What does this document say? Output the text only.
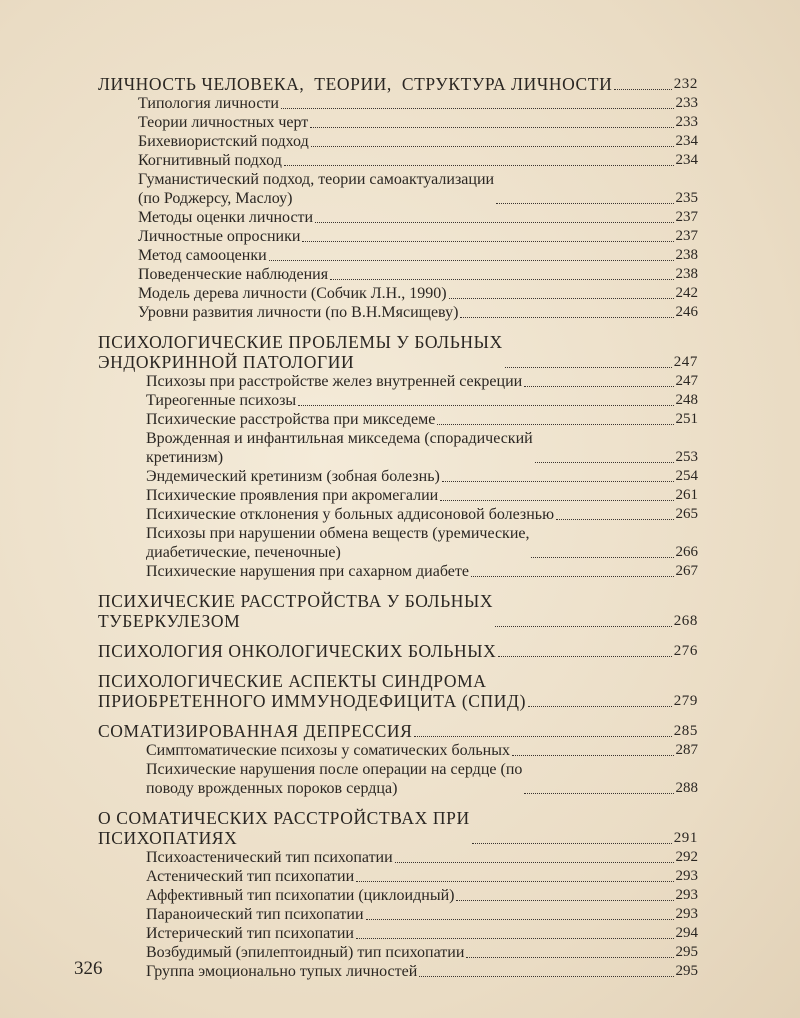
ЛИЧНОСТЬ ЧЕЛОВЕКА,  ТЕОРИИ,  СТРУКТУРА ЛИЧНОСТИ	232
Типология личности	233
Теории личностных черт	233
Бихевиористский подход	234
Когнитивный подход	234
Гуманистический подход, теории самоактуализации
(по Роджерсу, Маслоу)	235
Методы оценки личности	237
Личностные опросники	237
Метод самооценки	238
Поведенческие наблюдения	238
Модель дерева личности (Собчик Л.Н., 1990)	242
Уровни развития личности (по В.Н.Мясищеву)	246
ПСИХОЛОГИЧЕСКИЕ ПРОБЛЕМЫ У БОЛЬНЫХ
ЭНДОКРИННОЙ ПАТОЛОГИИ	247
Психозы при расстройстве желез внутренней секреции	247
Тиреогенные психозы	248
Психические расстройства при микседеме	251
Врожденная и инфантильная микседема (спорадический
кретинизм)	253
Эндемический кретинизм (зобная болезнь)	254
Психические проявления при акромегалии	261
Психические отклонения у больных аддисоновой болезнью	265
Психозы при нарушении обмена веществ (уремические,
диабетические, печеночные)	266
Психические нарушения при сахарном диабете	267
ПСИХИЧЕСКИЕ РАССТРОЙСТВА У БОЛЬНЫХ
ТУБЕРКУЛЕЗОМ	268
ПСИХОЛОГИЯ ОНКОЛОГИЧЕСКИХ БОЛЬНЫХ	276
ПСИХОЛОГИЧЕСКИЕ АСПЕКТЫ СИНДРОМА
ПРИОБРЕТЕННОГО ИММУНОДЕФИЦИТА (СПИД)	279
СОМАТИЗИРОВАННАЯ ДЕПРЕССИЯ	285
Симптоматические психозы у соматических больных	287
Психические нарушения после операции на сердце (по
поводу врожденных пороков сердца)	288
О СОМАТИЧЕСКИХ РАССТРОЙСТВАХ ПРИ
ПСИХОПАТИЯХ	291
Психоастенический тип психопатии	292
Астенический тип психопатии	293
Аффективный тип психопатии (циклоидный)	293
Параноический тип психопатии	293
Истерический тип психопатии	294
Возбудимый (эпилептоидный) тип психопатии	295
Группа эмоционально тупых личностей	295
326
